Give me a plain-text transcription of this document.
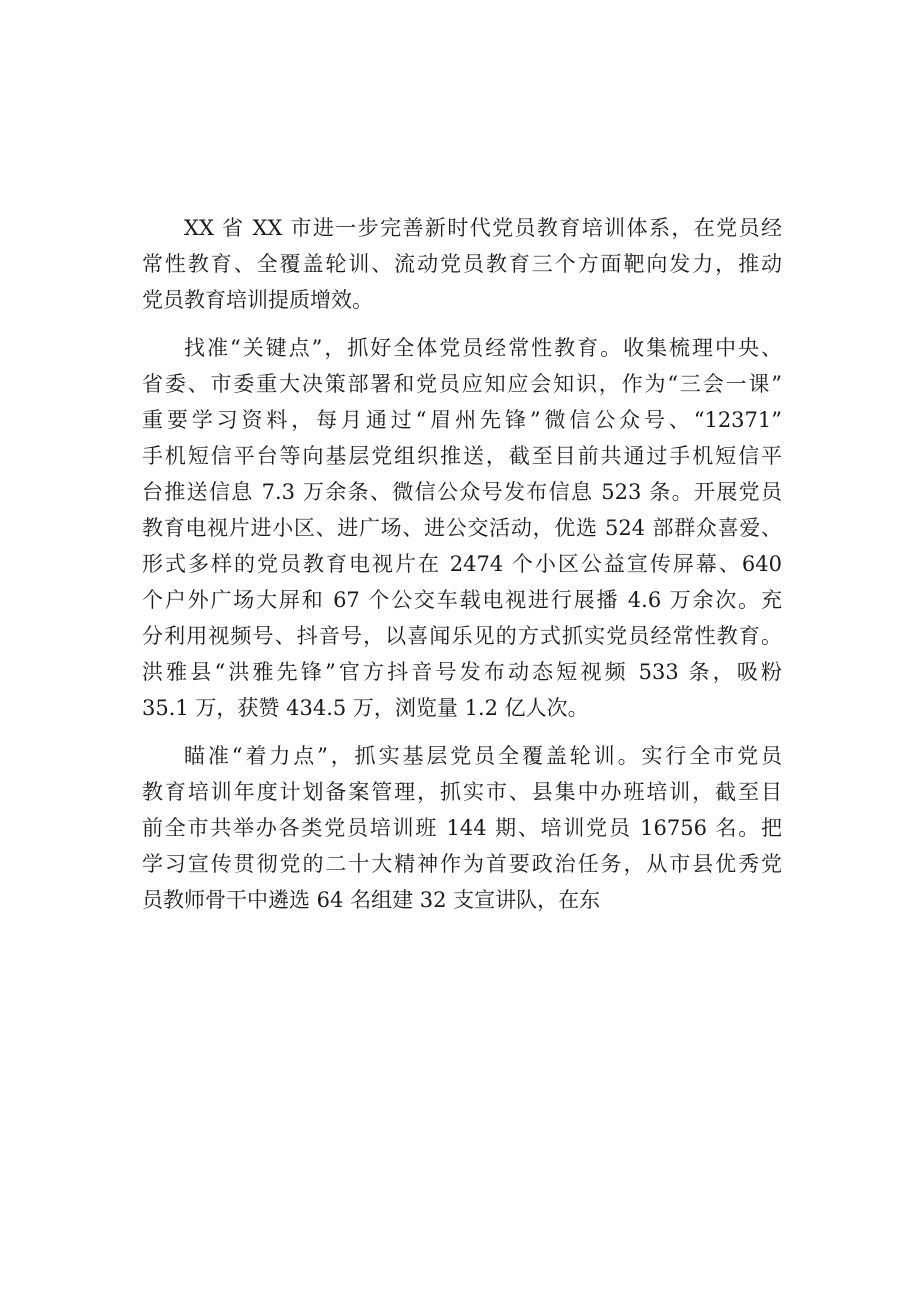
XX 省 XX 市进一步完善新时代党员教育培训体系，在党员经
常性教育、全覆盖轮训、流动党员教育三个方面靶向发力，推动
党员教育培训提质增效。
找准“关键点”，抓好全体党员经常性教育。收集梳理中央、
省委、市委重大决策部署和党员应知应会知识，作为“三会一课”
重要学习资料，每月通过“眉州先锋”微信公众号、“12371”
手机短信平台等向基层党组织推送，截至目前共通过手机短信平
台推送信息 7.3 万余条、微信公众号发布信息 523 条。开展党员
教育电视片进小区、进广场、进公交活动，优选 524 部群众喜爱、
形式多样的党员教育电视片在 2474 个小区公益宣传屏幕、640
个户外广场大屏和 67 个公交车载电视进行展播 4.6 万余次。充
分利用视频号、抖音号，以喜闻乐见的方式抓实党员经常性教育。
洪雅县“洪雅先锋”官方抖音号发布动态短视频 533 条，吸粉
35.1 万，获赞 434.5 万，浏览量 1.2 亿人次。
瞄准“着力点”，抓实基层党员全覆盖轮训。实行全市党员
教育培训年度计划备案管理，抓实市、县集中办班培训，截至目
前全市共举办各类党员培训班 144 期、培训党员 16756 名。把
学习宣传贯彻党的二十大精神作为首要政治任务，从市县优秀党
员教师骨干中遴选 64 名组建 32 支宣讲队，在东
